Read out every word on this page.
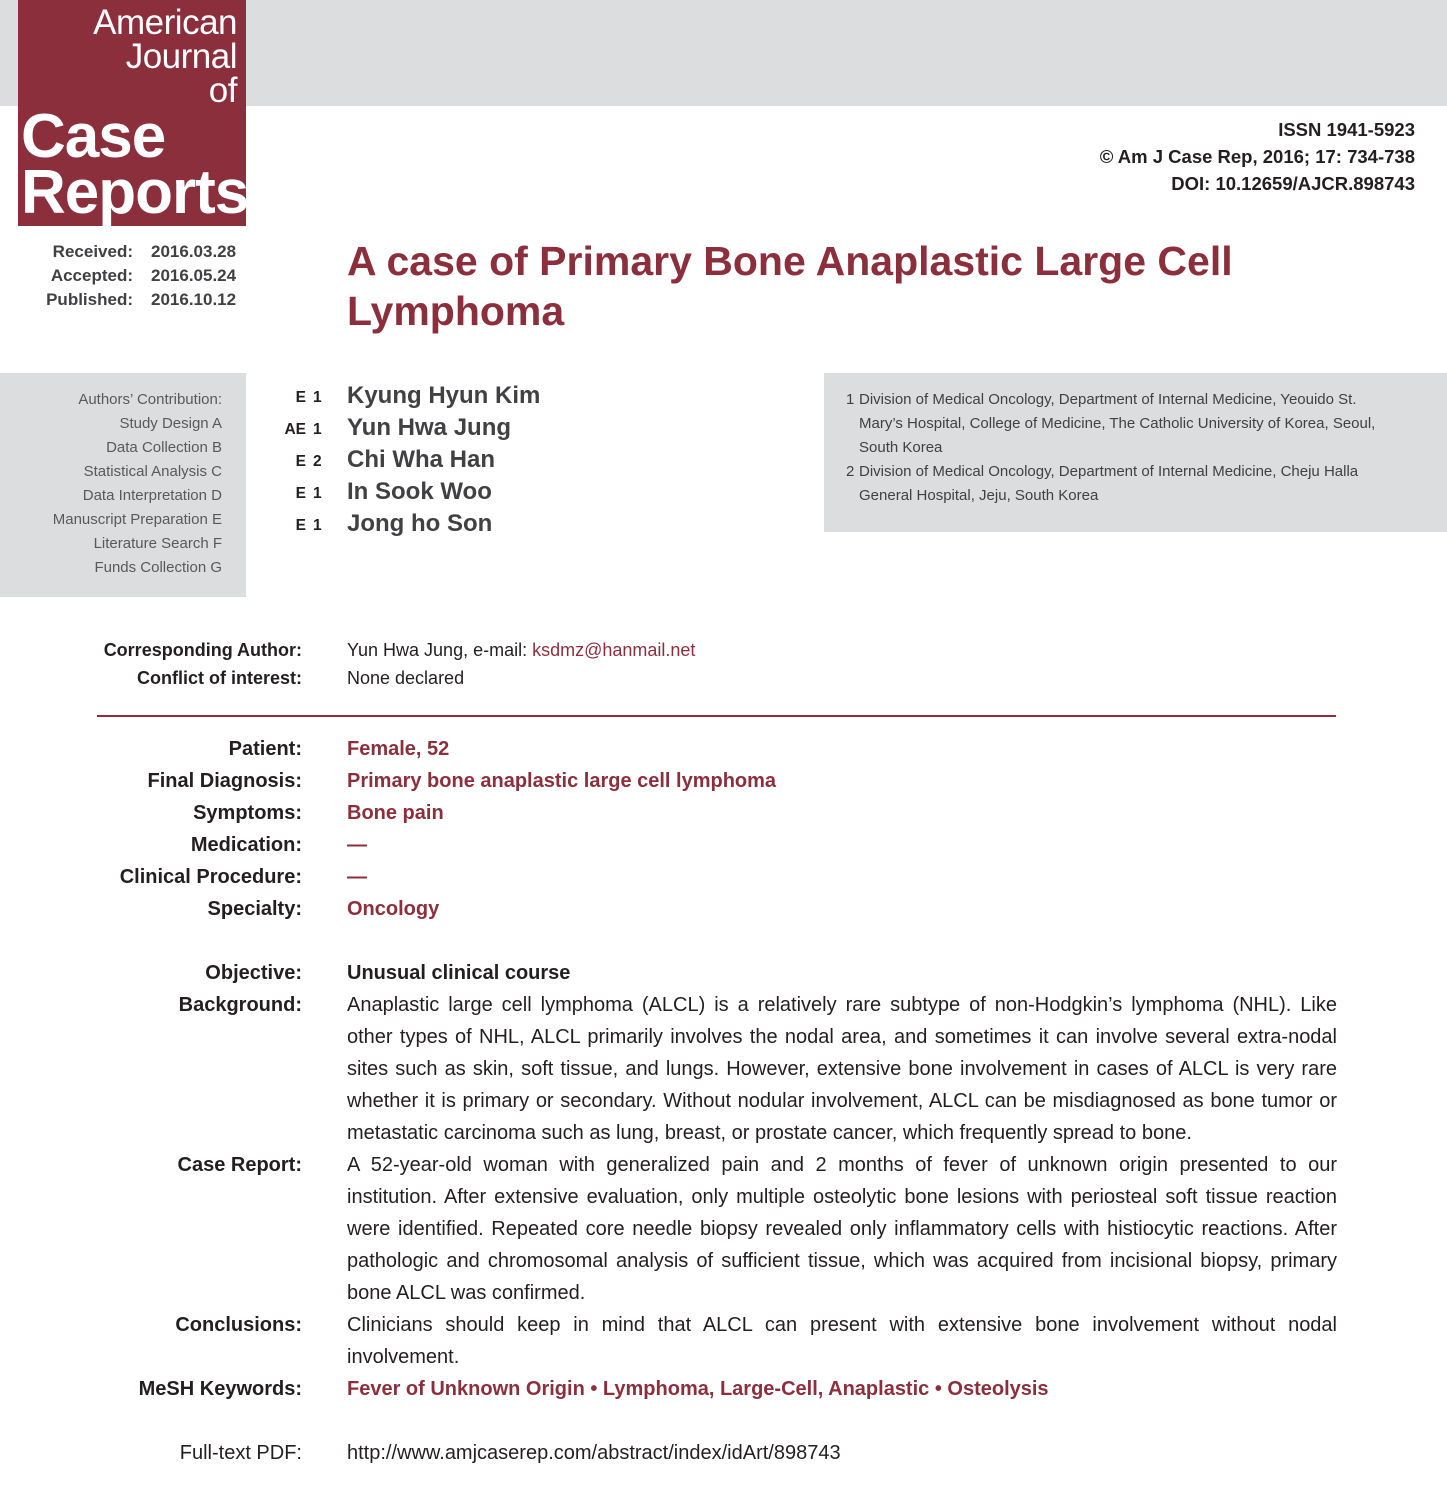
American
Journal
of
Case
Reports
ISSN 1941-5923
© Am J Case Rep, 2016; 17: 734-738
DOI: 10.12659/AJCR.898743
Received: 2016.03.28
Accepted: 2016.05.24
Published: 2016.10.12
A case of Primary Bone Anaplastic Large Cell Lymphoma
Authors’ Contribution:
Study Design A
Data Collection B
Statistical Analysis C
Data Interpretation D
Manuscript Preparation E
Literature Search F
Funds Collection G
E 1 Kyung Hyun Kim
AE 1 Yun Hwa Jung
E 2 Chi Wha Han
E 1 In Sook Woo
E 1 Jong ho Son
1 Division of Medical Oncology, Department of Internal Medicine, Yeouido St. Mary’s Hospital, College of Medicine, The Catholic University of Korea, Seoul, South Korea
2 Division of Medical Oncology, Department of Internal Medicine, Cheju Halla General Hospital, Jeju, South Korea
Corresponding Author:	Yun Hwa Jung, e-mail: ksdmz@hanmail.net
Conflict of interest:	None declared
Patient: Female, 52
Final Diagnosis: Primary bone anaplastic large cell lymphoma
Symptoms: Bone pain
Medication: —
Clinical Procedure: —
Specialty: Oncology
Objective: Unusual clinical course
Background: Anaplastic large cell lymphoma (ALCL) is a relatively rare subtype of non-Hodgkin’s lymphoma (NHL). Like other types of NHL, ALCL primarily involves the nodal area, and sometimes it can involve several extra-nodal sites such as skin, soft tissue, and lungs. However, extensive bone involvement in cases of ALCL is very rare whether it is primary or secondary. Without nodular involvement, ALCL can be misdiagnosed as bone tumor or metastatic carcinoma such as lung, breast, or prostate cancer, which frequently spread to bone.
Case Report: A 52-year-old woman with generalized pain and 2 months of fever of unknown origin presented to our institution. After extensive evaluation, only multiple osteolytic bone lesions with periosteal soft tissue reaction were identified. Repeated core needle biopsy revealed only inflammatory cells with histiocytic reactions. After pathologic and chromosomal analysis of sufficient tissue, which was acquired from incisional biopsy, primary bone ALCL was confirmed.
Conclusions: Clinicians should keep in mind that ALCL can present with extensive bone involvement without nodal involvement.
MeSH Keywords: Fever of Unknown Origin • Lymphoma, Large-Cell, Anaplastic • Osteolysis
Full-text PDF: http://www.amjcaserep.com/abstract/index/idArt/898743
